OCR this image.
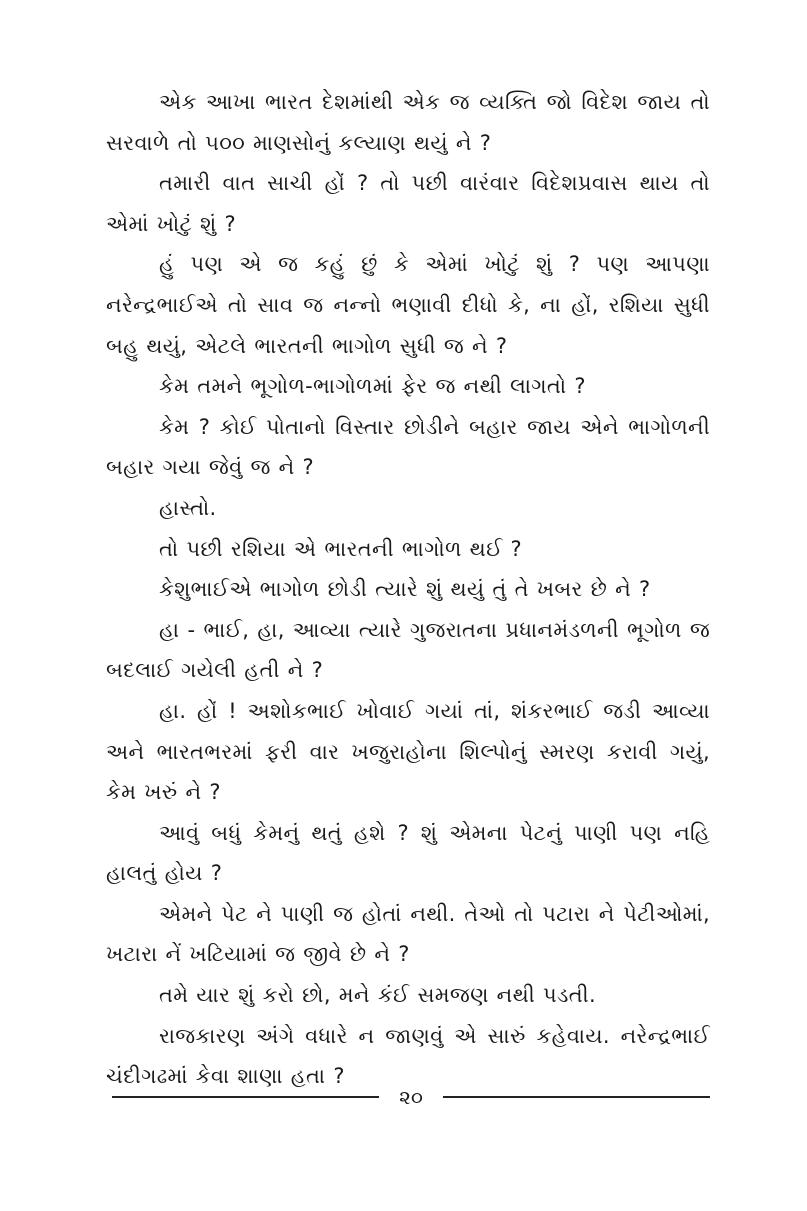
એક આખા ભારત દેશમાંથી એક જ વ્યક્તિ જો વિદેશ જાય તો સરવાળે તો ૫૦૦ માણસોનું કલ્યાણ થયું ને ?

તમારી વાત સાચી હોં ? તો પછી વારંવાર વિદેશપ્રવાસ થાય તો એમાં ખોટું શું ?

હું પણ એ જ કહું છું કે એમાં ખોટું શું ? પણ આપણા નરેન્દ્રભાઈએ તો સાવ જ નન્નો ભણાવી દીધો કે, ના હોં, રશિયા સુધી બહુ થયું, એટલે ભારતની ભાગોળ સુધી જ ને ?

કેમ તમને ભૂગોળ-ભાગોળમાં ફેર જ નથી લાગતો ?

કેમ ? કોઈ પોતાનો વિસ્તાર છોડીને બહાર જાય એને ભાગોળની બહાર ગયા જેવું જ ને ?

હાસ્તો.

તો પછી રશિયા એ ભારતની ભાગોળ થઈ ?

કેશુભાઈએ ભાગોળ છોડી ત્યારે શું થયું તું તે ખબર છે ને ?

હા - ભાઈ, હા, આવ્યા ત્યારે ગુજરાતના પ્રધાનમંડળની ભૂગોળ જ બદલાઈ ગયેલી હતી ને ?

હા. હોં ! અશોકભાઈ ખોવાઈ ગયાં તાં, શંકરભાઈ જડી આવ્યા અને ભારતભરમાં ફરી વાર ખજુરાહોના શિલ્પોનું સ્મરણ કરાવી ગયું, કેમ ખરું ને ?

આવું બધું કેમનું થતું હશે ? શું એમના પેટનું પાણી પણ નહિ હાલતું હોય ?

એમને પેટ ને પાણી જ હોતાં નથી. તેઓ તો પટારા ને પેટીઓમાં, ખટારા નેં ખટિયામાં જ જીવે છે ને ?

તમે યાર શું કરો છો, મને કંઈ સમજણ નથી પડતી.

રાજકારણ અંગે વધારે ન જાણવું એ સારું કહેવાય. નરેન્દ્રભાઈ ચંદીગઢમાં કેવા શાણા હતા ?

૨૦
